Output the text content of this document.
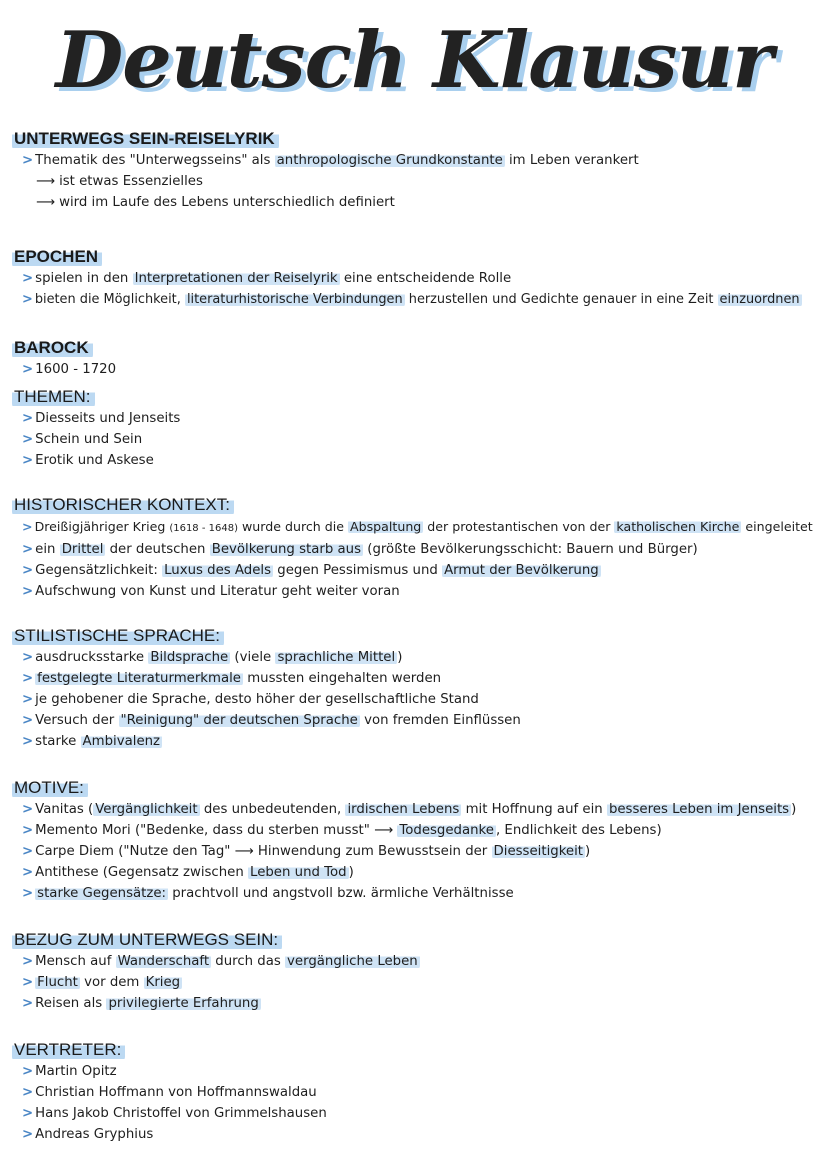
Deutsch Klausur
UNTERWEGS SEIN-REISELYRIK
> Thematik des "Unterwegsseins" als anthropologische Grundkonstante im Leben verankert
⟶ ist etwas Essenzielles
⟶ wird im Laufe des Lebens unterschiedlich definiert
EPOCHEN
> spielen in den Interpretationen der Reiselyrik eine entscheidende Rolle
> bieten die Möglichkeit, literaturhistorische Verbindungen herzustellen und Gedichte genauer in eine Zeit einzuordnen
BAROCK
> 1600 - 1720
THEMEN:
> Diesseits und Jenseits
> Schein und Sein
> Erotik und Askese
HISTORISCHER KONTEXT:
> Dreißigjähriger Krieg (1618 - 1648) wurde durch die Abspaltung der protestantischen von der katholischen Kirche eingeleitet
> ein Drittel der deutschen Bevölkerung starb aus (größte Bevölkerungsschicht: Bauern und Bürger)
> Gegensätzlichkeit: Luxus des Adels gegen Pessimismus und Armut der Bevölkerung
> Aufschwung von Kunst und Literatur geht weiter voran
STILISTISCHE SPRACHE:
> ausdrucksstarke Bildsprache (viele sprachliche Mittel )
> festgelegte Literaturmerkmale mussten eingehalten werden
> je gehobener die Sprache, desto höher der gesellschaftliche Stand
> Versuch der "Reinigung" der deutschen Sprache von fremden Einflüssen
> starke Ambivalenz
MOTIVE:
> Vanitas ( Vergänglichkeit des unbedeutenden, irdischen Lebens mit Hoffnung auf ein besseres Leben im Jenseits )
> Memento Mori ("Bedenke, dass du sterben musst" ⟶ Todesgedanke , Endlichkeit des Lebens)
> Carpe Diem ("Nutze den Tag" ⟶ Hinwendung zum Bewusstsein der Diesseitigkeit )
> Antithese (Gegensatz zwischen Leben und Tod )
> starke Gegensätze: prachtvoll und angstvoll bzw. ärmliche Verhältnisse
BEZUG ZUM UNTERWEGS SEIN:
> Mensch auf Wanderschaft durch das vergängliche Leben
> Flucht vor dem Krieg
> Reisen als privilegierte Erfahrung
VERTRETER:
> Martin Opitz
> Christian Hoffmann von Hoffmannswaldau
> Hans Jakob Christoffel von Grimmelshausen
> Andreas Gryphius
